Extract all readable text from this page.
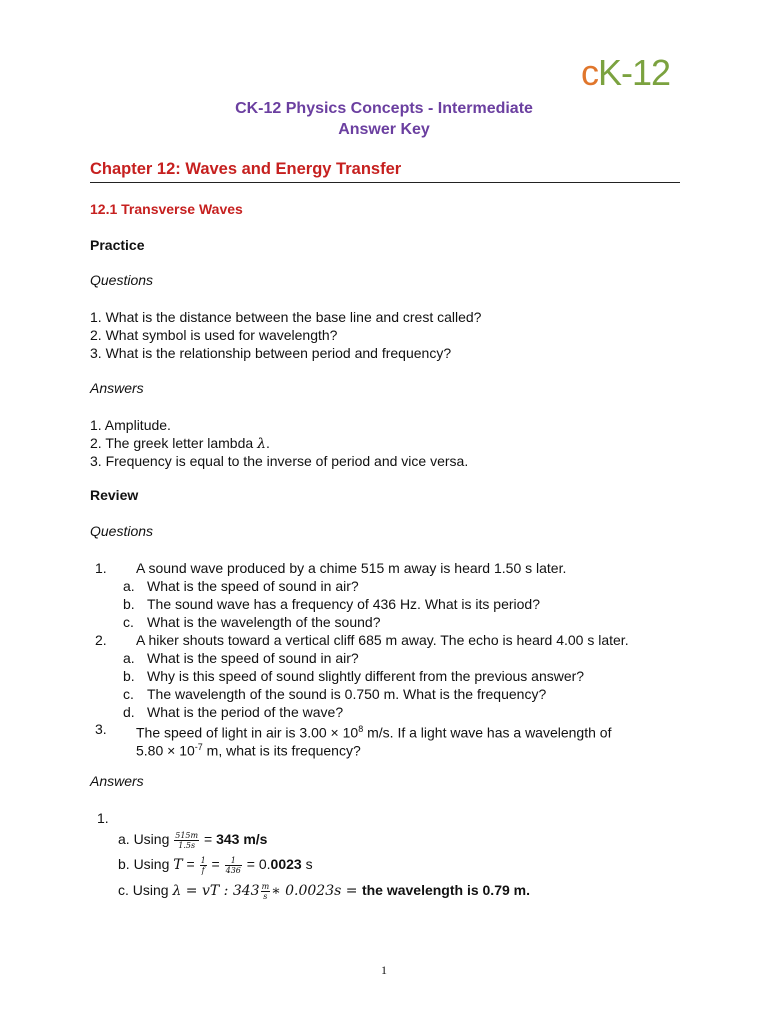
cK-12
CK-12 Physics Concepts - Intermediate
Answer Key
Chapter 12: Waves and Energy Transfer
12.1 Transverse Waves
Practice
Questions
1. What is the distance between the base line and crest called?
2. What symbol is used for wavelength?
3. What is the relationship between period and frequency?
Answers
1. Amplitude.
2. The greek letter lambda λ.
3. Frequency is equal to the inverse of period and vice versa.
Review
Questions
1. A sound wave produced by a chime 515 m away is heard 1.50 s later.
a. What is the speed of sound in air?
b. The sound wave has a frequency of 436 Hz. What is its period?
c. What is the wavelength of the sound?
2. A hiker shouts toward a vertical cliff 685 m away. The echo is heard 4.00 s later.
a. What is the speed of sound in air?
b. Why is this speed of sound slightly different from the previous answer?
c. The wavelength of the sound is 0.750 m. What is the frequency?
d. What is the period of the wave?
3. The speed of light in air is $3.00 \times 10^8$ m/s. If a light wave has a wavelength of
$5.80 \times 10^{-7}$ m, what is its frequency?
Answers
1.
a. Using $\frac{515m}{1.5s} = 343$ m/s
b. Using $T = \frac{1}{f} = \frac{1}{436} = 0.0023$ s
c. Using λ = vT : $343 \frac{m}{s}$ ∗ 0.0023s = the wavelength is 0.79 m.
1
